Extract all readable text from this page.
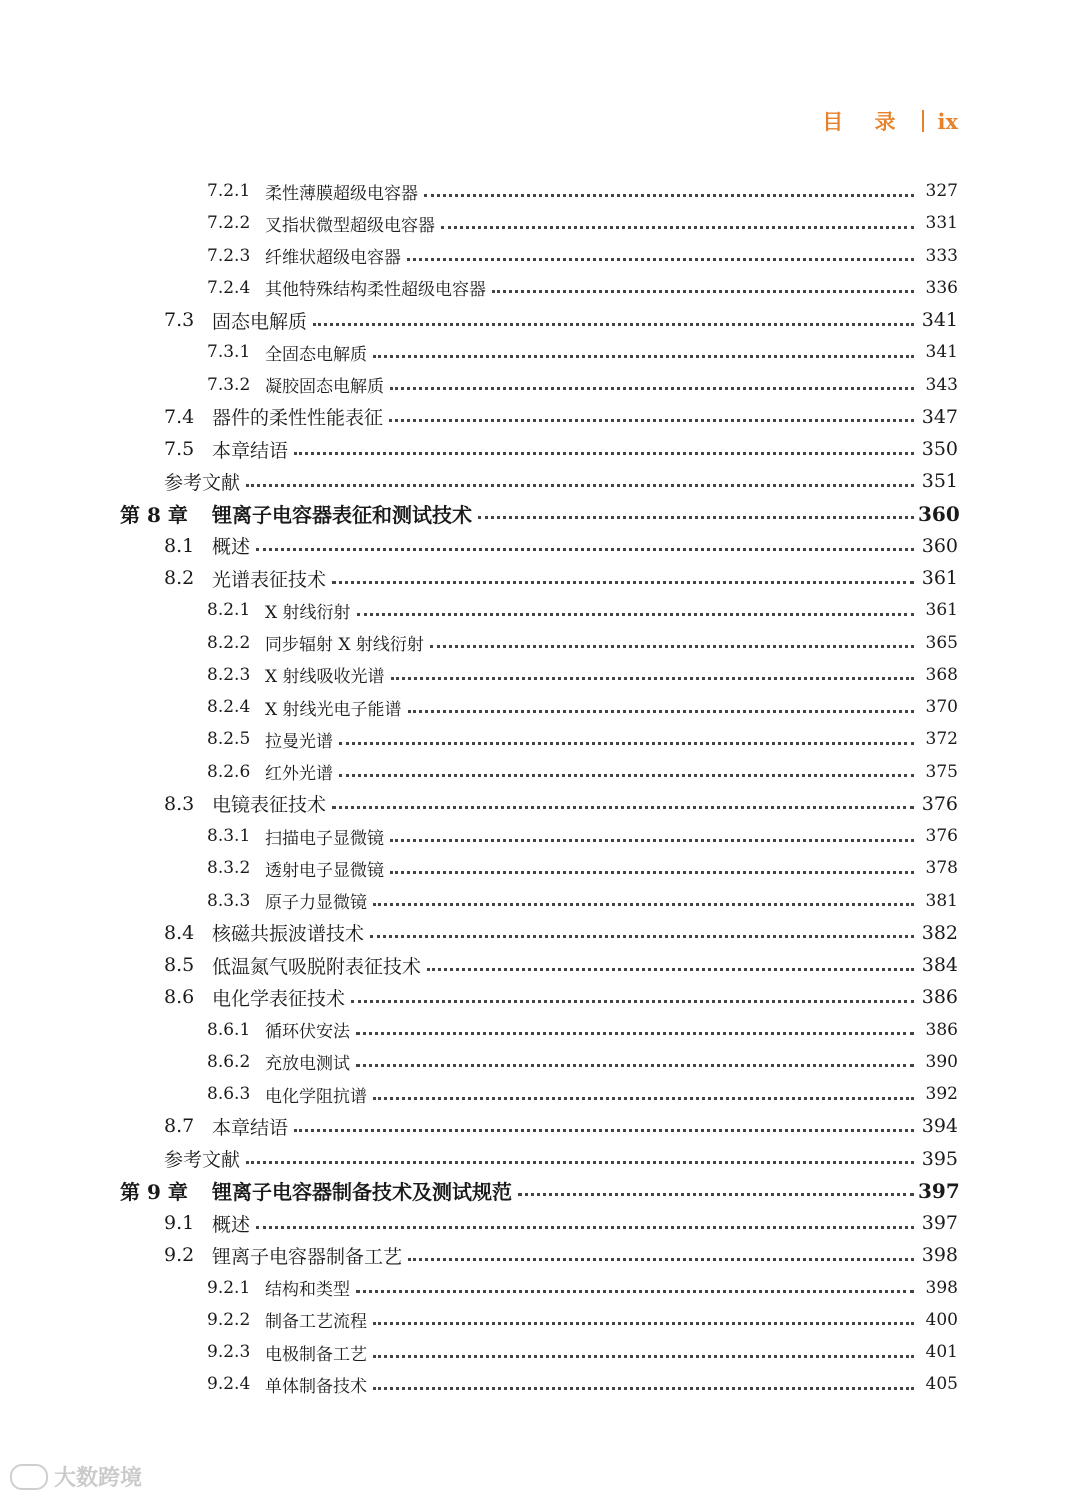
目 录 ix
7.2.1 柔性薄膜超级电容器	327
7.2.2 叉指状微型超级电容器	331
7.2.3 纤维状超级电容器	333
7.2.4 其他特殊结构柔性超级电容器	336
7.3 固态电解质	341
7.3.1 全固态电解质	341
7.3.2 凝胶固态电解质	343
7.4 器件的柔性性能表征	347
7.5 本章结语	350
参考文献	351
第 8 章	锂离子电容器表征和测试技术	360
8.1 概述	360
8.2 光谱表征技术	361
8.2.1 X 射线衍射	361
8.2.2 同步辐射 X 射线衍射	365
8.2.3 X 射线吸收光谱	368
8.2.4 X 射线光电子能谱	370
8.2.5 拉曼光谱	372
8.2.6 红外光谱	375
8.3 电镜表征技术	376
8.3.1 扫描电子显微镜	376
8.3.2 透射电子显微镜	378
8.3.3 原子力显微镜	381
8.4 核磁共振波谱技术	382
8.5 低温氮气吸脱附表征技术	384
8.6 电化学表征技术	386
8.6.1 循环伏安法	386
8.6.2 充放电测试	390
8.6.3 电化学阻抗谱	392
8.7 本章结语	394
参考文献	395
第 9 章	锂离子电容器制备技术及测试规范	397
9.1 概述	397
9.2 锂离子电容器制备工艺	398
9.2.1 结构和类型	398
9.2.2 制备工艺流程	400
9.2.3 电极制备工艺	401
9.2.4 单体制备技术	405
大数跨境
